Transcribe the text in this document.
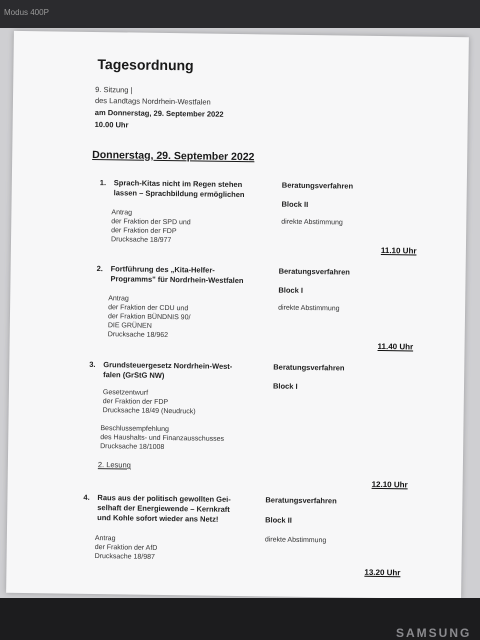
Modus 400P
Tagesordnung
9. Sitzung |
des Landtags Nordrhein-Westfalen
am Donnerstag, 29. September 2022
10.00 Uhr
Donnerstag, 29. September 2022
1. Sprach-Kitas nicht im Regen stehen
lassen – Sprachbildung ermöglichen
Antrag
der Fraktion der SPD und
der Fraktion der FDP
Drucksache 18/977
Beratungsverfahren
Block II
direkte Abstimmung
11.10 Uhr
2. Fortführung des „Kita-Helfer-
Programms" für Nordrhein-Westfalen
Antrag
der Fraktion der CDU und
der Fraktion BÜNDNIS 90/
DIE GRÜNEN
Drucksache 18/962
Beratungsverfahren
Block I
direkte Abstimmung
11.40 Uhr
3. Grundsteuergesetz Nordrhein-West-
falen (GrStG NW)
Gesetzentwurf
der Fraktion der FDP
Drucksache 18/49 (Neudruck)
Beschlussempfehlung
des Haushalts- und Finanzausschusses
Drucksache 18/1008
2. Lesung
Beratungsverfahren
Block I
12.10 Uhr
4. Raus aus der politisch gewollten Gei-
selhaft der Energiewende – Kernkraft
und Kohle sofort wieder ans Netz!
Antrag
der Fraktion der AfD
Drucksache 18/987
Beratungsverfahren
Block II
direkte Abstimmung
13.20 Uhr
SAMSUNG
